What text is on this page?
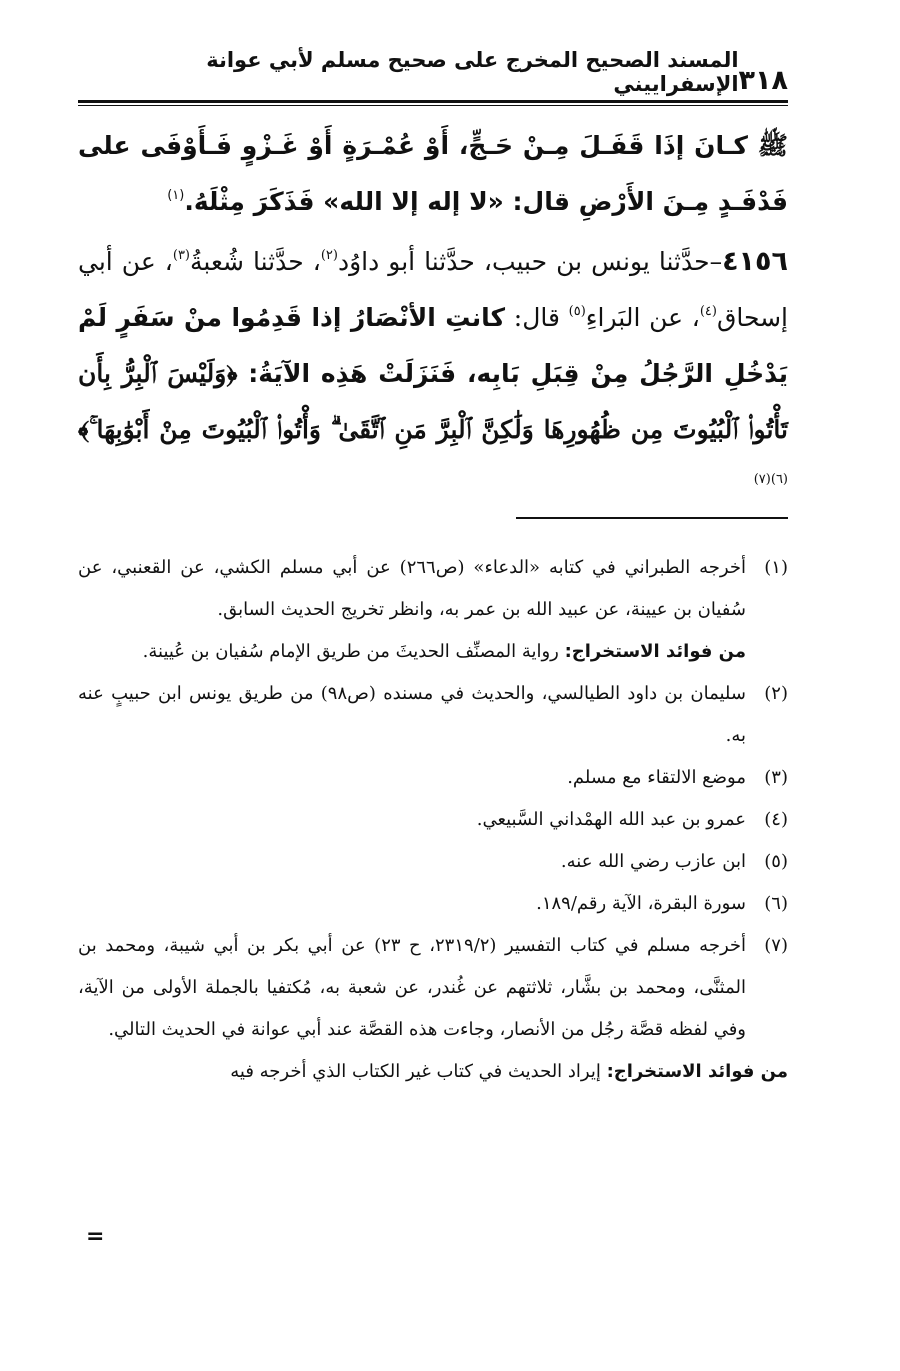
٣١٨
المسند الصحيح المخرج على صحيح مسلم لأبي عوانة الإسفراييني

ﷺ كـانَ إذَا قَفَـلَ مِـنْ حَـجٍّ، أَوْ عُمْـرَةٍ أَوْ غَـزْوٍ فَـأَوْفَى على فَدْفَـدٍ مِـنَ الأَرْضِ قال: «لا إله إلا الله» فَذَكَرَ مِثْلَهُ.$^{(١)}$

٤١٥٦–حدَّثنا يونس بن حبيب، حدَّثنا أبو داوُد$^{(٢)}$، حدَّثنا شُعبةُ$^{(٣)}$، عن أبي إسحاق$^{(٤)}$، عن البَراءِ$^{(٥)}$ قال: كانتِ الأنْصَارُ إذا قَدِمُوا منْ سَفَرٍ لَمْ يَدْخُلِ الرَّجُلُ مِنْ قِبَلِ بَابِه، فَنَزَلَتْ هَذِه الآيَةُ: ﴿وَلَيْسَ ٱلْبِرُّ بِأَن تَأْتُوا۟ ٱلْبُيُوتَ مِن ظُهُورِهَا وَلَٰكِنَّ ٱلْبِرَّ مَنِ ٱتَّقَىٰ ۗ وَأْتُوا۟ ٱلْبُيُوتَ مِنْ أَبْوَٰبِهَا ۚ﴾$^{(٦)(٧)}$

(١)
أخرجه الطبراني في كتابه «الدعاء» (ص٢٦٦) عن أبي مسلم الكشي، عن القعنبي، عن سُفيان بن عيينة، عن عبيد الله بن عمر به، وانظر تخريج الحديث السابق.
من فوائد الاستخراج: رواية المصنِّف الحديثَ من طريق الإمام سُفيان بن عُيينة.
(٢)
سليمان بن داود الطيالسي، والحديث في مسنده (ص٩٨) من طريق يونس ابن حبيبٍ عنه به.
(٣)
موضع الالتقاء مع مسلم.
(٤)
عمرو بن عبد الله الهمْداني السَّبيعي.
(٥)
ابن عازب رضي الله عنه.
(٦)
سورة البقرة، الآية رقم/١٨٩.
(٧)
أخرجه مسلم في كتاب التفسير (٢٣١٩/٢، ح ٢٣) عن أبي بكر بن أبي شيبة، ومحمد بن المثنَّى، ومحمد بن بشَّار، ثلاثتهم عن غُندر، عن شعبة به، مُكتفيا بالجملة الأولى من الآية، وفي لفظه قصَّة رجُل من الأنصار، وجاءت هذه القصَّة عند أبي عوانة في الحديث التالي.
من فوائد الاستخراج: إيراد الحديث في كتاب غير الكتاب الذي أخرجه فيه
=
